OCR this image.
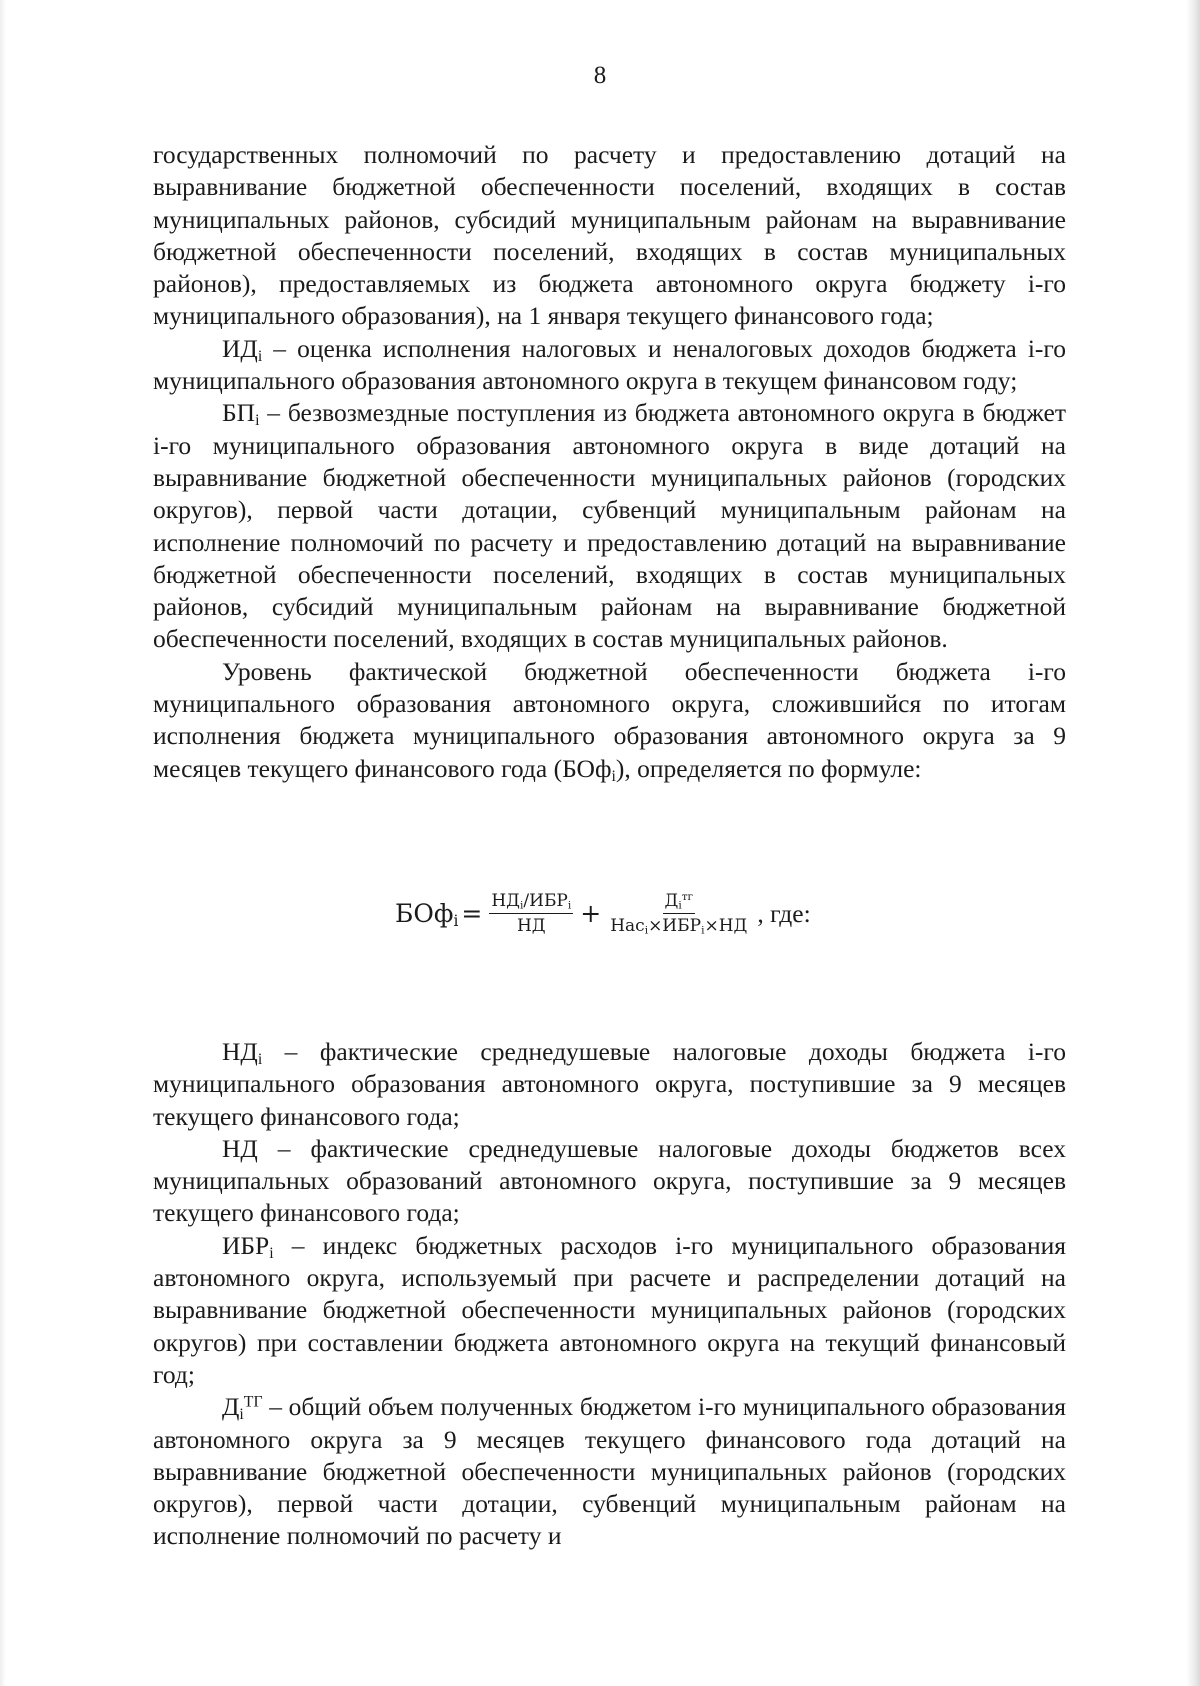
8

государственных полномочий по расчету и предоставлению дотаций на выравнивание бюджетной обеспеченности поселений, входящих в состав муниципальных районов, субсидий муниципальным районам на выравнивание бюджетной обеспеченности поселений, входящих в состав муниципальных районов), предоставляемых из бюджета автономного округа бюджету i-го муниципального образования), на 1 января текущего финансового года;

$ИД_i$ – оценка исполнения налоговых и неналоговых доходов бюджета i-го муниципального образования автономного округа в текущем финансовом году;

$БП_i$ – безвозмездные поступления из бюджета автономного округа в бюджет i-го муниципального образования автономного округа в виде дотаций на выравнивание бюджетной обеспеченности муниципальных районов (городских округов), первой части дотации, субвенций муниципальным районам на исполнение полномочий по расчету и предоставлению дотаций на выравнивание бюджетной обеспеченности поселений, входящих в состав муниципальных районов, субсидий муниципальным районам на выравнивание бюджетной обеспеченности поселений, входящих в состав муниципальных районов.

Уровень фактической бюджетной обеспеченности бюджета i-го муниципального образования автономного округа, сложившийся по итогам исполнения бюджета муниципального образования автономного округа за 9 месяцев текущего финансового года (БОф$_i$), определяется по формуле:

$БОф_i = \frac{НД_i/ИБР_i}{НД} + \frac{Д_i^{тг}}{Нас_i\times ИБР_i\times НД}$ , где:

$НД_i$ – фактические среднедушевые налоговые доходы бюджета i-го муниципального образования автономного округа, поступившие за 9 месяцев текущего финансового года;

НД – фактические среднедушевые налоговые доходы бюджетов всех муниципальных образований автономного округа, поступившие за 9 месяцев текущего финансового года;

$ИБР_i$ – индекс бюджетных расходов i-го муниципального образования автономного округа, используемый при расчете и распределении дотаций на выравнивание бюджетной обеспеченности муниципальных районов (городских округов) при составлении бюджета автономного округа на текущий финансовый год;

$Д_i^{ТГ}$ – общий объем полученных бюджетом i-го муниципального образования автономного округа за 9 месяцев текущего финансового года дотаций на выравнивание бюджетной обеспеченности муниципальных районов (городских округов), первой части дотации, субвенций муниципальным районам на исполнение полномочий по расчету и
